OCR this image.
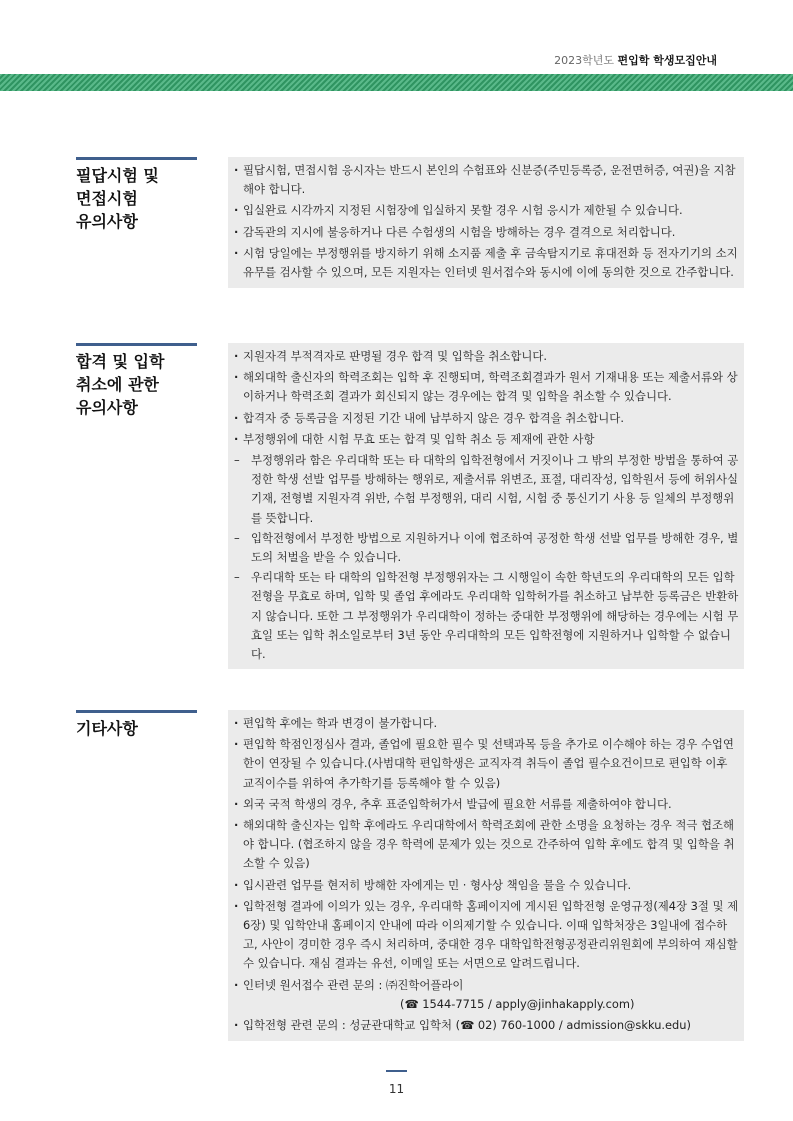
2023학년도 편입학 학생모집안내
필답시험 및
면접시험
유의사항
· 필답시험, 면접시험 응시자는 반드시 본인의 수험표와 신분증(주민등록증, 운전면허증, 여권)을 지참해야 합니다.
· 입실완료 시각까지 지정된 시험장에 입실하지 못할 경우 시험 응시가 제한될 수 있습니다.
· 감독관의 지시에 불응하거나 다른 수험생의 시험을 방해하는 경우 결격으로 처리합니다.
· 시험 당일에는 부정행위를 방지하기 위해 소지품 제출 후 금속탐지기로 휴대전화 등 전자기기의 소지 유무를 검사할 수 있으며, 모든 지원자는 인터넷 원서접수와 동시에 이에 동의한 것으로 간주합니다.
합격 및 입학
취소에 관한
유의사항
· 지원자격 부적격자로 판명될 경우 합격 및 입학을 취소합니다.
· 해외대학 출신자의 학력조회는 입학 후 진행되며, 학력조회결과가 원서 기재내용 또는 제출서류와 상이하거나 학력조회 결과가 회신되지 않는 경우에는 합격 및 입학을 취소할 수 있습니다.
· 합격자 중 등록금을 지정된 기간 내에 납부하지 않은 경우 합격을 취소합니다.
· 부정행위에 대한 시험 무효 또는 합격 및 입학 취소 등 제재에 관한 사항
– 부정행위라 함은 우리대학 또는 타 대학의 입학전형에서 거짓이나 그 밖의 부정한 방법을 통하여 공정한 학생 선발 업무를 방해하는 행위로, 제출서류 위변조, 표절, 대리작성, 입학원서 등에 허위사실 기재, 전형별 지원자격 위반, 수험 부정행위, 대리 시험, 시험 중 통신기기 사용 등 일체의 부정행위를 뜻합니다.
– 입학전형에서 부정한 방법으로 지원하거나 이에 협조하여 공정한 학생 선발 업무를 방해한 경우, 별도의 처벌을 받을 수 있습니다.
– 우리대학 또는 타 대학의 입학전형 부정행위자는 그 시행일이 속한 학년도의 우리대학의 모든 입학전형을 무효로 하며, 입학 및 졸업 후에라도 우리대학 입학허가를 취소하고 납부한 등록금은 반환하지 않습니다. 또한 그 부정행위가 우리대학이 정하는 중대한 부정행위에 해당하는 경우에는 시험 무효일 또는 입학 취소일로부터 3년 동안 우리대학의 모든 입학전형에 지원하거나 입학할 수 없습니다.
기타사항
·	편입학 후에는 학과 변경이 불가합니다.
· 편입학 학점인정심사 결과, 졸업에 필요한 필수 및 선택과목 등을 추가로 이수해야 하는 경우 수업연한이 연장될 수 있습니다.(사범대학 편입학생은 교직자격 취득이 졸업 필수요건이므로 편입학 이후 교직이수를 위하여 추가학기를 등록해야 할 수 있음)
· 외국 국적 학생의 경우, 추후 표준입학허가서 발급에 필요한 서류를 제출하여야 합니다.
· 해외대학 출신자는 입학 후에라도 우리대학에서 학력조회에 관한 소명을 요청하는 경우 적극 협조해야 합니다. (협조하지 않을 경우 학력에 문제가 있는 것으로 간주하여 입학 후에도 합격 및 입학을 취소할 수 있음)
· 입시관련 업무를 현저히 방해한 자에게는 민 · 형사상 책임을 물을 수 있습니다.
· 입학전형 결과에 이의가 있는 경우, 우리대학 홈페이지에 게시된 입학전형 운영규정(제4장 3절 및 제6장) 및 입학안내 홈페이지 안내에 따라 이의제기할 수 있습니다. 이때 입학처장은 3일내에 접수하고, 사안이 경미한 경우 즉시 처리하며, 중대한 경우 대학입학전형공정관리위원회에 부의하여 재심할 수 있습니다. 재심 결과는 유선, 이메일 또는 서면으로 알려드립니다.
· 인터넷 원서접수 관련 문의 : ㈜진학어플라이
(☎ 1544-7715 / apply@jinhakapply.com)
· 입학전형 관련 문의 : 성균관대학교 입학처 (☎ 02) 760-1000 / admission@skku.edu)
11
